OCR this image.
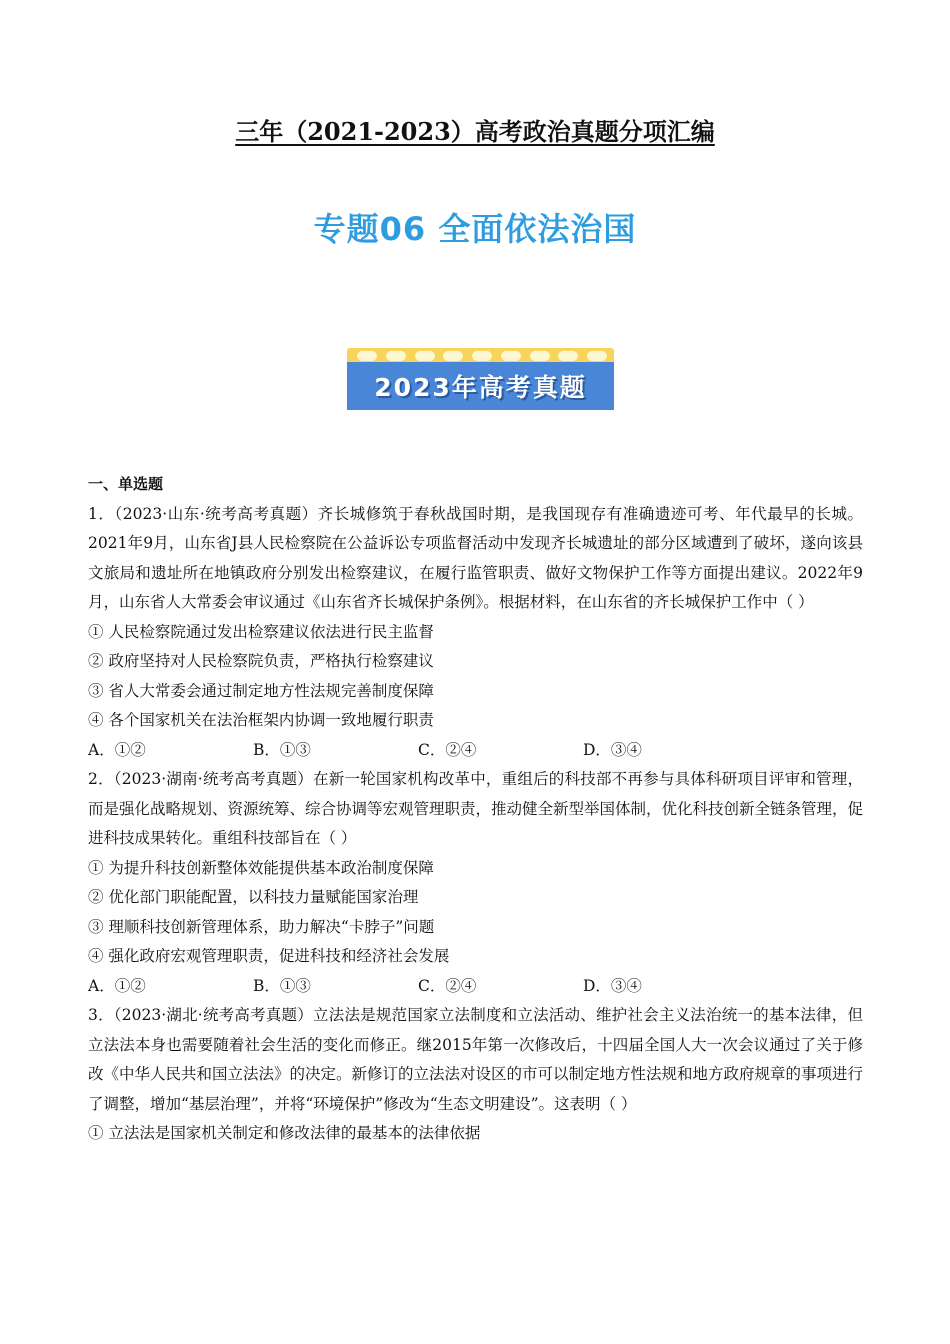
三年（2021-2023）高考政治真题分项汇编
专题06 全面依法治国
2023年高考真题
一、单选题
1．（2023·山东·统考高考真题）齐长城修筑于春秋战国时期，是我国现存有准确遗迹可考、年代最早的长城。2021年9月，山东省J县人民检察院在公益诉讼专项监督活动中发现齐长城遗址的部分区域遭到了破坏，遂向该县文旅局和遗址所在地镇政府分别发出检察建议，在履行监管职责、做好文物保护工作等方面提出建议。2022年9月，山东省人大常委会审议通过《山东省齐长城保护条例》。根据材料，在山东省的齐长城保护工作中（ ）
① 人民检察院通过发出检察建议依法进行民主监督
② 政府坚持对人民检察院负责，严格执行检察建议
③ 省人大常委会通过制定地方性法规完善制度保障
④ 各个国家机关在法治框架内协调一致地履行职责
A．①②	B．①③	C．②④	D．③④
2．（2023·湖南·统考高考真题）在新一轮国家机构改革中，重组后的科技部不再参与具体科研项目评审和管理，而是强化战略规划、资源统筹、综合协调等宏观管理职责，推动健全新型举国体制，优化科技创新全链条管理，促进科技成果转化。重组科技部旨在（ ）
① 为提升科技创新整体效能提供基本政治制度保障
② 优化部门职能配置，以科技力量赋能国家治理
③ 理顺科技创新管理体系，助力解决“卡脖子”问题
④ 强化政府宏观管理职责，促进科技和经济社会发展
A．①②	B．①③	C．②④	D．③④
3．（2023·湖北·统考高考真题）立法法是规范国家立法制度和立法活动、维护社会主义法治统一的基本法律，但立法法本身也需要随着社会生活的变化而修正。继2015年第一次修改后，十四届全国人大一次会议通过了关于修改《中华人民共和国立法法》的决定。新修订的立法法对设区的市可以制定地方性法规和地方政府规章的事项进行了调整，增加“基层治理”，并将“环境保护”修改为“生态文明建设”。这表明（ ）
① 立法法是国家机关制定和修改法律的最基本的法律依据
